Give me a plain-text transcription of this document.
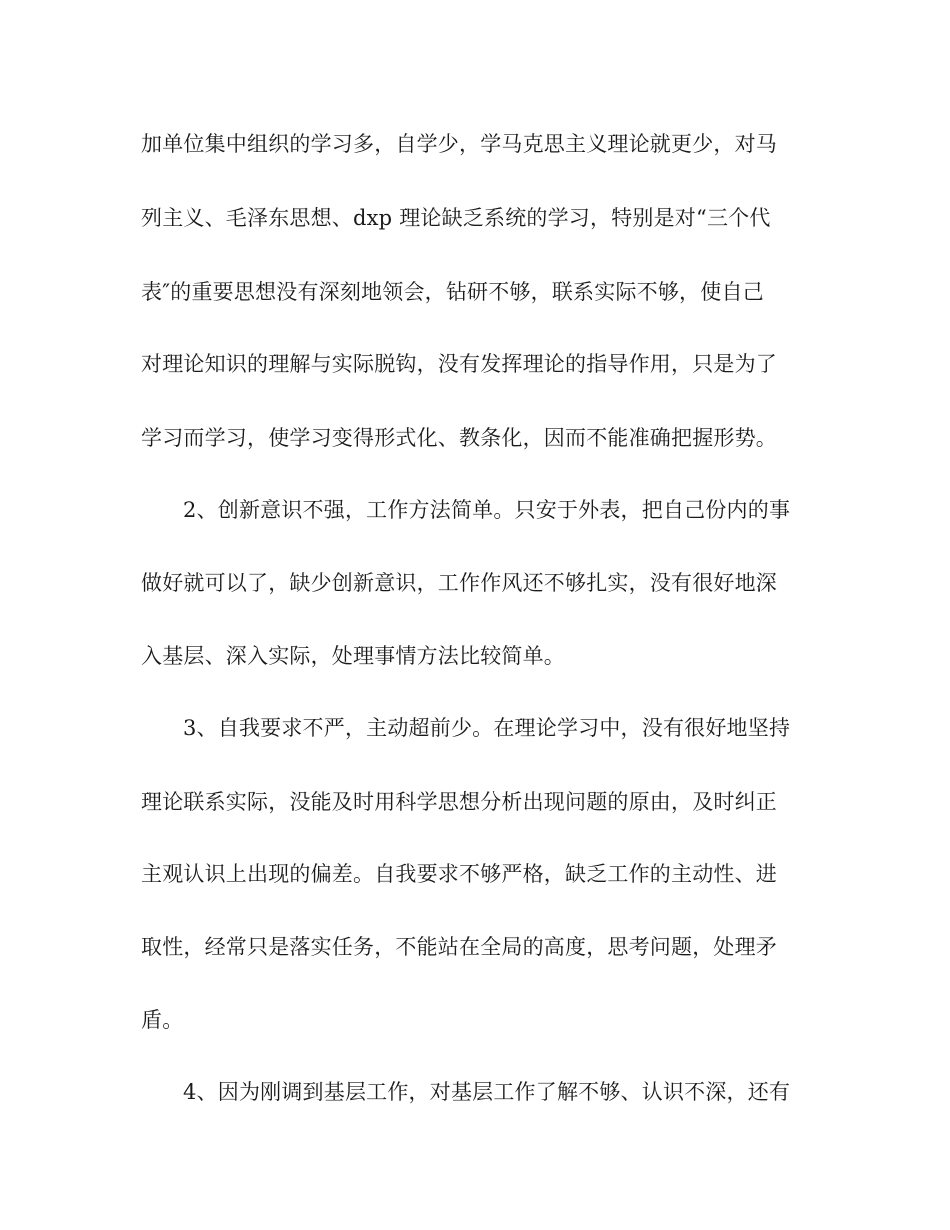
加单位集中组织的学习多，自学少，学马克思主义理论就更少，对马
列主义、毛泽东思想、dxp 理论缺乏系统的学习，特别是对“三个代
表″的重要思想没有深刻地领会，钻研不够，联系实际不够，使自己
对理论知识的理解与实际脱钩，没有发挥理论的指导作用，只是为了
学习而学习，使学习变得形式化、教条化，因而不能准确把握形势。
2、创新意识不强，工作方法简单。只安于外表，把自己份内的事
做好就可以了，缺少创新意识，工作作风还不够扎实，没有很好地深
入基层、深入实际，处理事情方法比较简单。
3、自我要求不严，主动超前少。在理论学习中，没有很好地坚持
理论联系实际，没能及时用科学思想分析出现问题的原由，及时纠正
主观认识上出现的偏差。自我要求不够严格，缺乏工作的主动性、进
取性，经常只是落实任务，不能站在全局的高度，思考问题，处理矛
盾。
4、因为刚调到基层工作，对基层工作了解不够、认识不深，还有
